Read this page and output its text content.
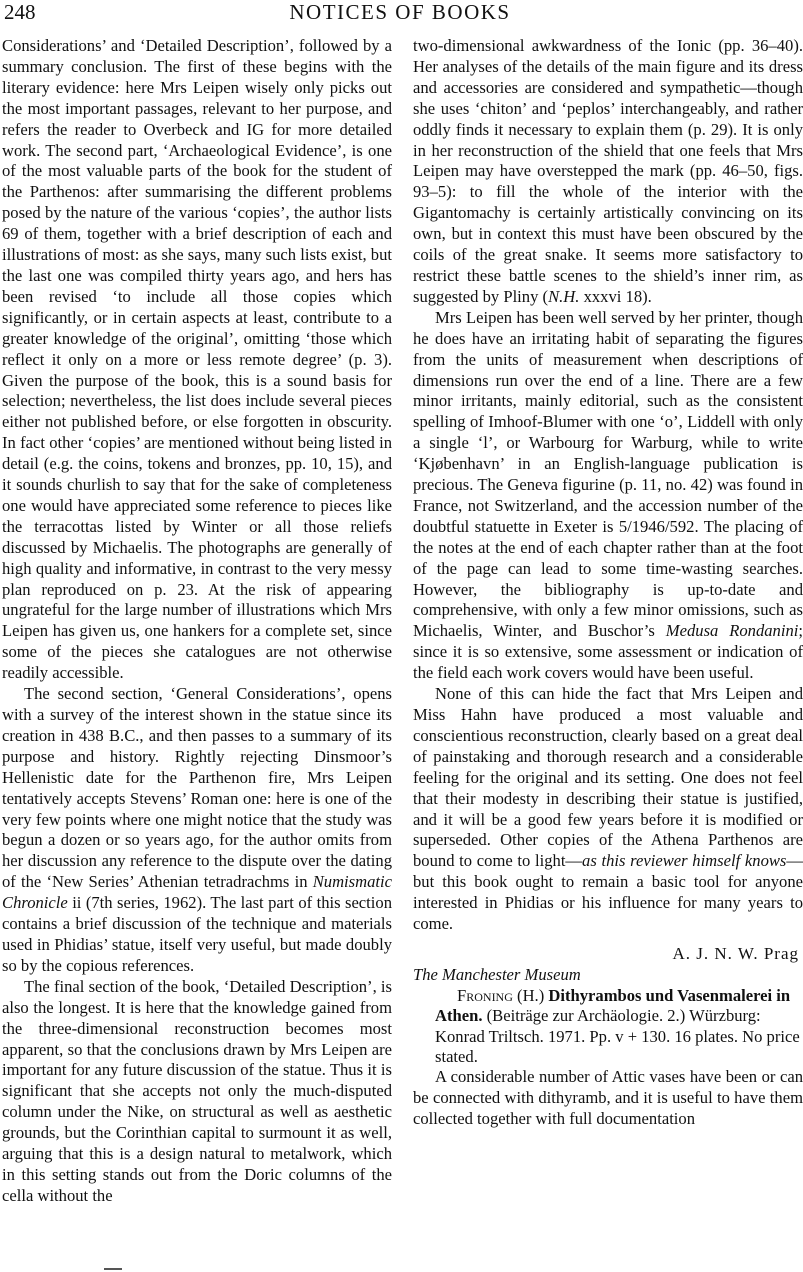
248	NOTICES OF BOOKS

Considerations’ and ‘Detailed Description’, followed by a summary conclusion. The first of these begins with the literary evidence: here Mrs Leipen wisely only picks out the most important passages, relevant to her purpose, and refers the reader to Overbeck and IG for more detailed work. The second part, ‘Archaeological Evidence’, is one of the most valuable parts of the book for the student of the Parthenos: after summarising the different problems posed by the nature of the various ‘copies’, the author lists 69 of them, together with a brief description of each and illustrations of most: as she says, many such lists exist, but the last one was compiled thirty years ago, and hers has been revised ‘to include all those copies which significantly, or in certain aspects at least, contribute to a greater knowledge of the original’, omitting ‘those which reflect it only on a more or less remote degree’ (p. 3). Given the purpose of the book, this is a sound basis for selection; nevertheless, the list does include several pieces either not published before, or else forgotten in obscurity. In fact other ‘copies’ are mentioned without being listed in detail (e.g. the coins, tokens and bronzes, pp. 10, 15), and it sounds churlish to say that for the sake of completeness one would have appreciated some reference to pieces like the terracottas listed by Winter or all those reliefs discussed by Michaelis. The photographs are generally of high quality and informative, in contrast to the very messy plan reproduced on p. 23. At the risk of appearing ungrateful for the large number of illustrations which Mrs Leipen has given us, one hankers for a complete set, since some of the pieces she catalogues are not otherwise readily accessible.

The second section, ‘General Considerations’, opens with a survey of the interest shown in the statue since its creation in 438 B.C., and then passes to a summary of its purpose and history. Rightly rejecting Dinsmoor’s Hellenistic date for the Parthenon fire, Mrs Leipen tentatively accepts Stevens’ Roman one: here is one of the very few points where one might notice that the study was begun a dozen or so years ago, for the author omits from her discussion any reference to the dispute over the dating of the ‘New Series’ Athenian tetradrachms in Numismatic Chronicle ii (7th series, 1962). The last part of this section contains a brief discussion of the technique and materials used in Phidias’ statue, itself very useful, but made doubly so by the copious references.

The final section of the book, ‘Detailed Description’, is also the longest. It is here that the knowledge gained from the three-dimensional reconstruction becomes most apparent, so that the conclusions drawn by Mrs Leipen are important for any future discussion of the statue. Thus it is significant that she accepts not only the much-disputed column under the Nike, on structural as well as aesthetic grounds, but the Corinthian capital to surmount it as well, arguing that this is a design natural to metalwork, which in this setting stands out from the Doric columns of the cella without the

two-dimensional awkwardness of the Ionic (pp. 36–40). Her analyses of the details of the main figure and its dress and accessories are considered and sympathetic—though she uses ‘chiton’ and ‘peplos’ interchangeably, and rather oddly finds it necessary to explain them (p. 29). It is only in her reconstruction of the shield that one feels that Mrs Leipen may have overstepped the mark (pp. 46–50, figs. 93–5): to fill the whole of the interior with the Gigantomachy is certainly artistically convincing on its own, but in context this must have been obscured by the coils of the great snake. It seems more satisfactory to restrict these battle scenes to the shield’s inner rim, as suggested by Pliny (N.H. xxxvi 18).

Mrs Leipen has been well served by her printer, though he does have an irritating habit of separating the figures from the units of measurement when descriptions of dimensions run over the end of a line. There are a few minor irritants, mainly editorial, such as the consistent spelling of Imhoof-Blumer with one ‘o’, Liddell with only a single ‘l’, or Warbourg for Warburg, while to write ‘Kjøbenhavn’ in an English-language publication is precious. The Geneva figurine (p. 11, no. 42) was found in France, not Switzerland, and the accession number of the doubtful statuette in Exeter is 5/1946/592. The placing of the notes at the end of each chapter rather than at the foot of the page can lead to some time-wasting searches. However, the bibliography is up-to-date and comprehensive, with only a few minor omissions, such as Michaelis, Winter, and Buschor’s Medusa Rondanini; since it is so extensive, some assessment or indication of the field each work covers would have been useful.

None of this can hide the fact that Mrs Leipen and Miss Hahn have produced a most valuable and conscientious reconstruction, clearly based on a great deal of painstaking and thorough research and a considerable feeling for the original and its setting. One does not feel that their modesty in describing their statue is justified, and it will be a good few years before it is modified or superseded. Other copies of the Athena Parthenos are bound to come to light—as this reviewer himself knows—but this book ought to remain a basic tool for anyone interested in Phidias or his influence for many years to come.

A. J. N. W. Prag

The Manchester Museum

Froning (H.) Dithyrambos und Vasenmalerei in Athen. (Beiträge zur Archäologie. 2.) Würzburg: Konrad Triltsch. 1971. Pp. v + 130. 16 plates. No price stated.

A considerable number of Attic vases have been or can be connected with dithyramb, and it is useful to have them collected together with full documentation
